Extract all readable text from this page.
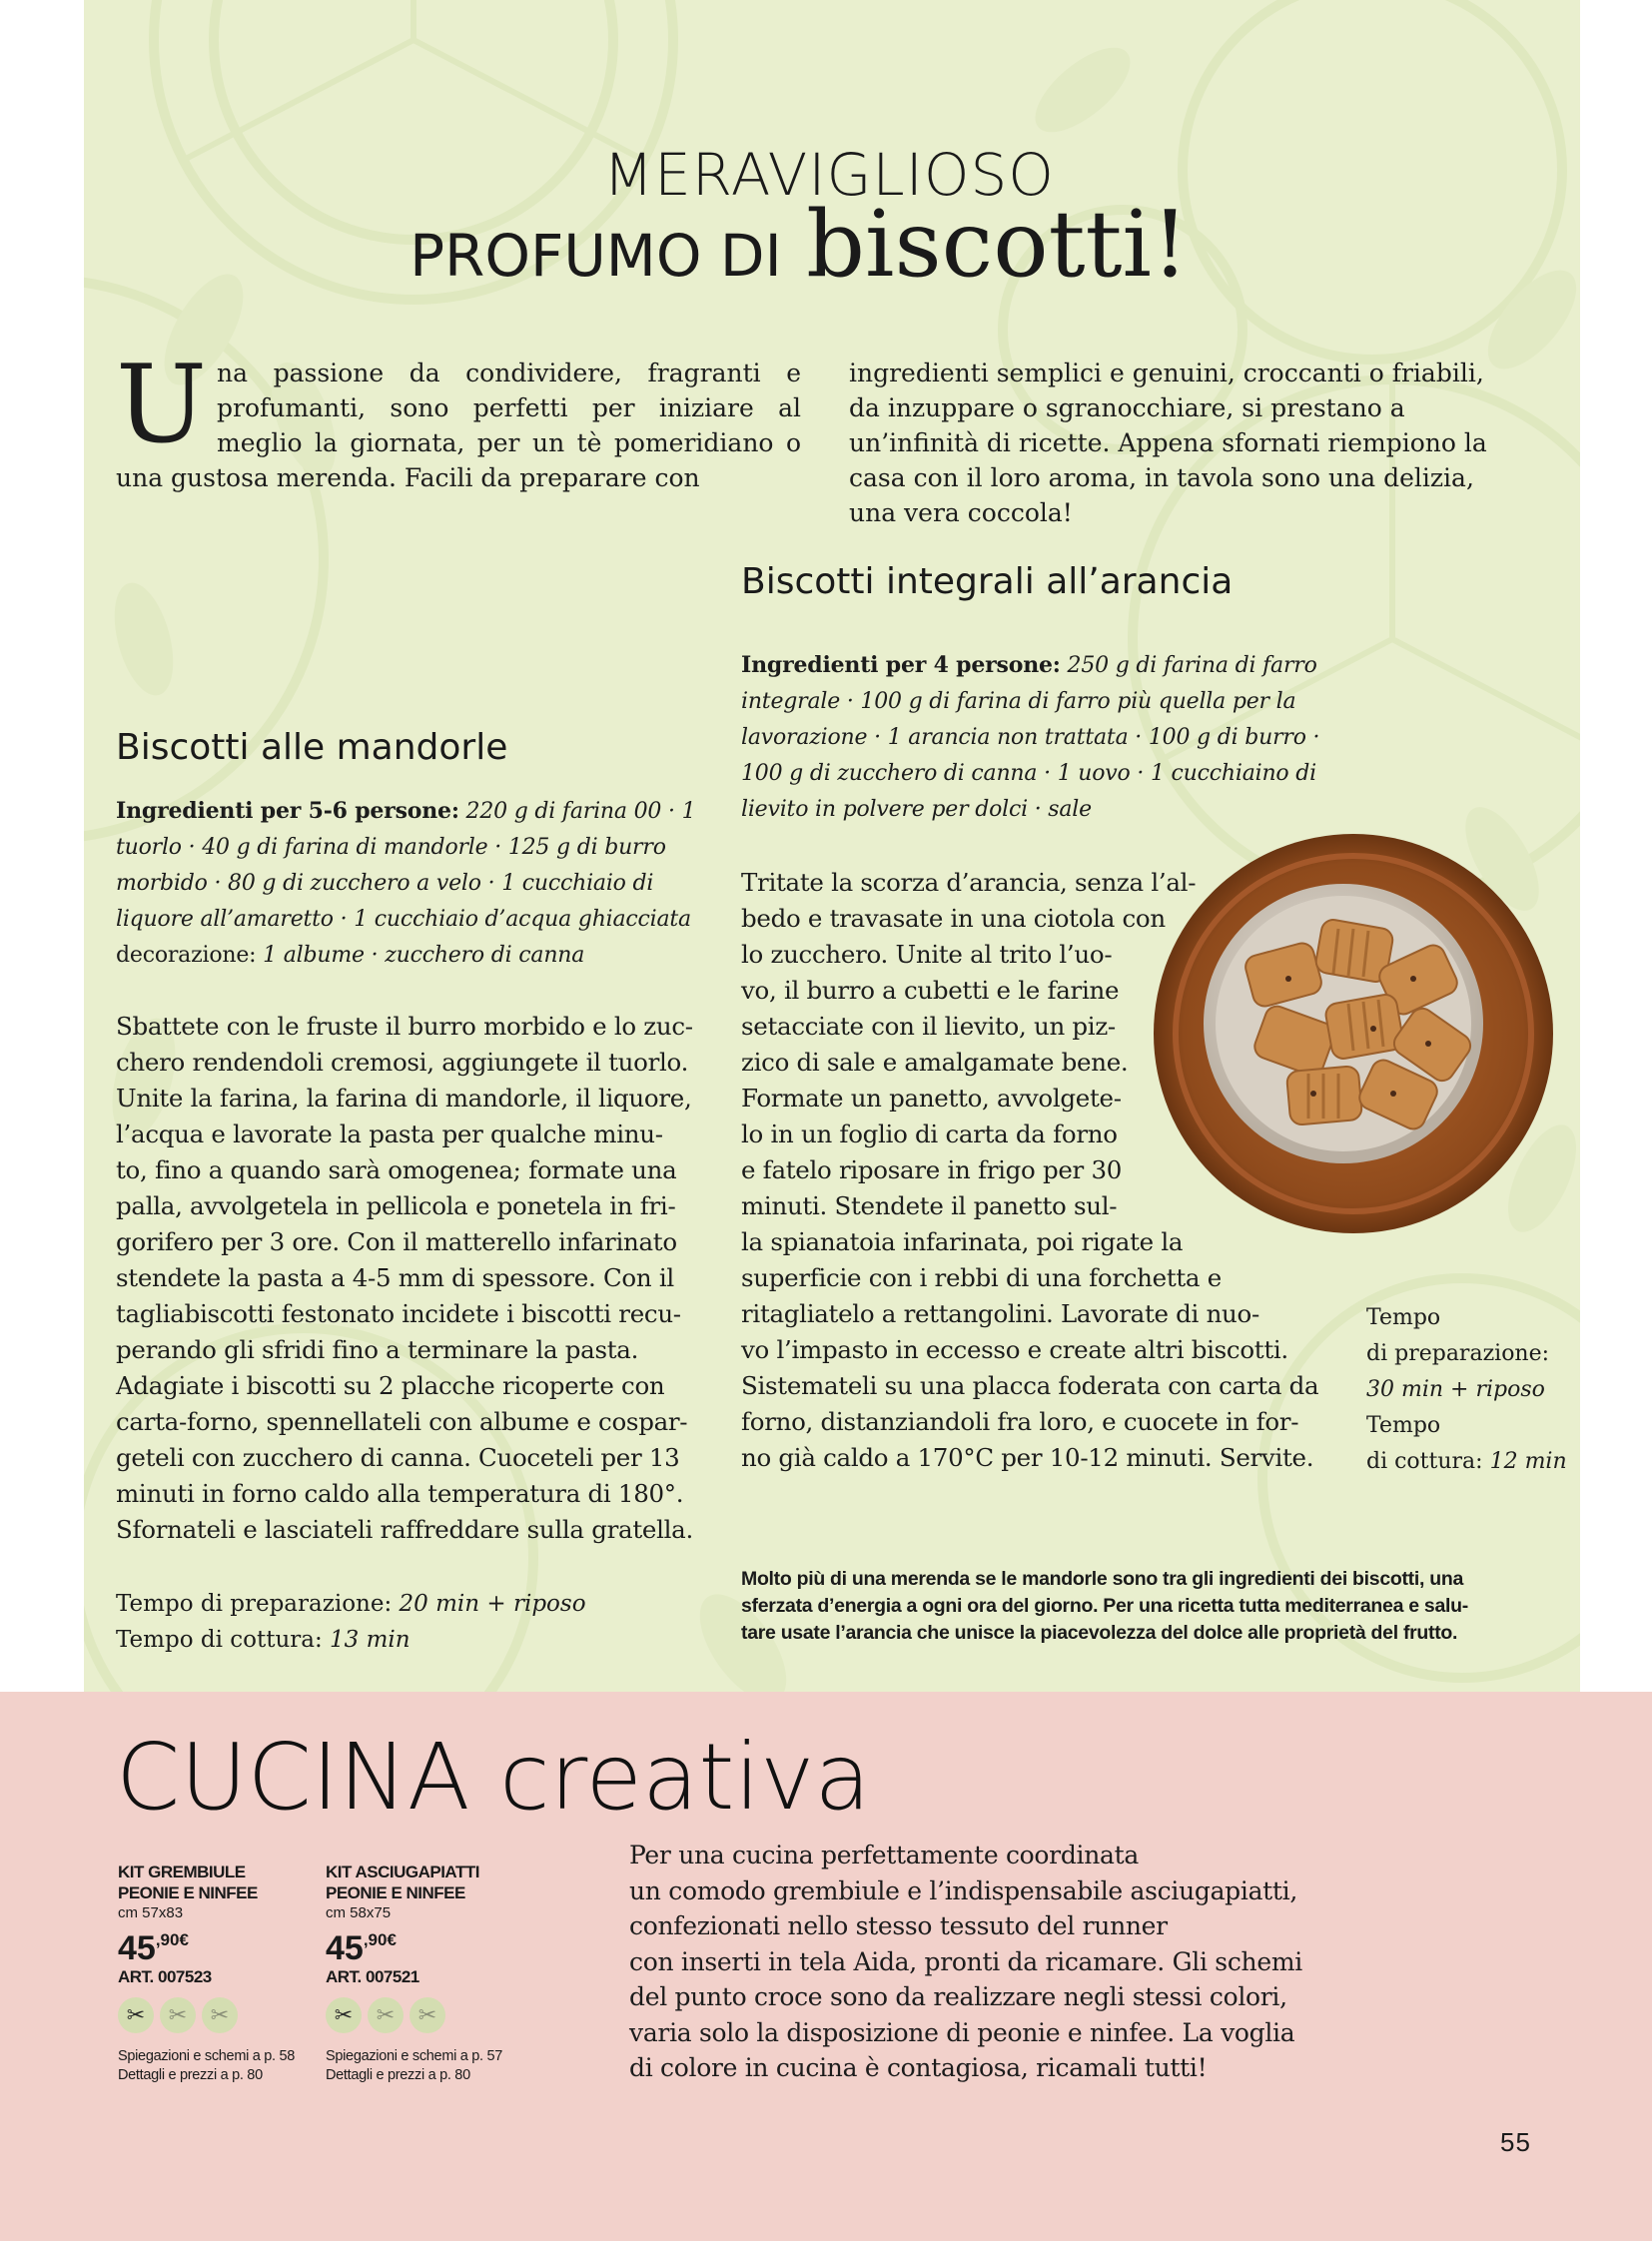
MERAVIGLIOSO
PROFUMO DI biscotti!
U na passione da condividere, fragranti e profumanti, sono perfetti per iniziare al meglio la giornata, per un tè pomeridiano o una gustosa merenda. Facili da preparare con
ingredienti semplici e genuini, croccanti o friabili, da inzuppare o sgranocchiare, si prestano a un’infinità di ricette. Appena sfornati riempiono la casa con il loro aroma, in tavola sono una delizia, una vera coccola!
Biscotti integrali all’arancia
Ingredienti per 4 persone: 250 g di farina di farro integrale · 100 g di farina di farro più quella per la lavorazione · 1 arancia non trattata · 100 g di burro · 100 g di zucchero di canna · 1 uovo · 1 cucchiaino di lievito in polvere per dolci · sale
Tritate la scorza d’arancia, senza l’al-
bedo e travasate in una ciotola con
lo zucchero. Unite al trito l’uo-
vo, il burro a cubetti e le farine
setacciate con il lievito, un piz-
zico di sale e amalgamate bene.
Formate un panetto, avvolgete-
lo in un foglio di carta da forno
e fatelo riposare in frigo per 30
minuti. Stendete il panetto sul-
la spianatoia infarinata, poi rigate la
superficie con i rebbi di una forchetta e
ritagliatelo a rettangolini. Lavorate di nuo-
vo l’impasto in eccesso e create altri biscotti.
Sistemateli su una placca foderata con carta da
forno, distanziandoli fra loro, e cuocete in for-
no già caldo a 170°C per 10-12 minuti. Servite.
Tempo
di preparazione:
30 min + riposo
Tempo
di cottura: 12 min
Biscotti alle mandorle
Ingredienti per 5-6 persone: 220 g di farina 00 · 1 tuorlo · 40 g di farina di mandorle · 125 g di burro morbido · 80 g di zucchero a velo · 1 cucchiaio di liquore all’amaretto · 1 cucchiaio d’acqua ghiacciata
decorazione: 1 albume · zucchero di canna
Sbattete con le fruste il burro morbido e lo zuc-
chero rendendoli cremosi, aggiungete il tuorlo.
Unite la farina, la farina di mandorle, il liquore,
l’acqua e lavorate la pasta per qualche minu-
to, fino a quando sarà omogenea; formate una
palla, avvolgetela in pellicola e ponetela in fri-
gorifero per 3 ore. Con il matterello infarinato
stendete la pasta a 4-5 mm di spessore. Con il
tagliabiscotti festonato incidete i biscotti recu-
perando gli sfridi fino a terminare la pasta.
Adagiate i biscotti su 2 placche ricoperte con
carta-forno, spennellateli con albume e cospar-
geteli con zucchero di canna. Cuoceteli per 13
minuti in forno caldo alla temperatura di 180°.
Sfornateli e lasciateli raffreddare sulla gratella.
Tempo di preparazione: 20 min + riposo
Tempo di cottura: 13 min
Molto più di una merenda se le mandorle sono tra gli ingredienti dei biscotti, una
sferzata d’energia a ogni ora del giorno. Per una ricetta tutta mediterranea e salu-
tare usate l’arancia che unisce la piacevolezza del dolce alle proprietà del frutto.
CUCINA creativa
KIT GREMBIULE
PEONIE E NINFEE
cm 57x83
$45^{,90€}$
ART. 007523
✂	✂	✂
Spiegazioni e schemi a p. 58
Dettagli e prezzi a p. 80
KIT ASCIUGAPIATTI
PEONIE E NINFEE
cm 58x75
$45^{,90€}$
ART. 007521
✂	✂	✂
Spiegazioni e schemi a p. 57
Dettagli e prezzi a p. 80
Per una cucina perfettamente coordinata
un comodo grembiule e l’indispensabile asciugapiatti,
confezionati nello stesso tessuto del runner
con inserti in tela Aida, pronti da ricamare. Gli schemi
del punto croce sono da realizzare negli stessi colori,
varia solo la disposizione di peonie e ninfee. La voglia
di colore in cucina è contagiosa, ricamali tutti!
55
